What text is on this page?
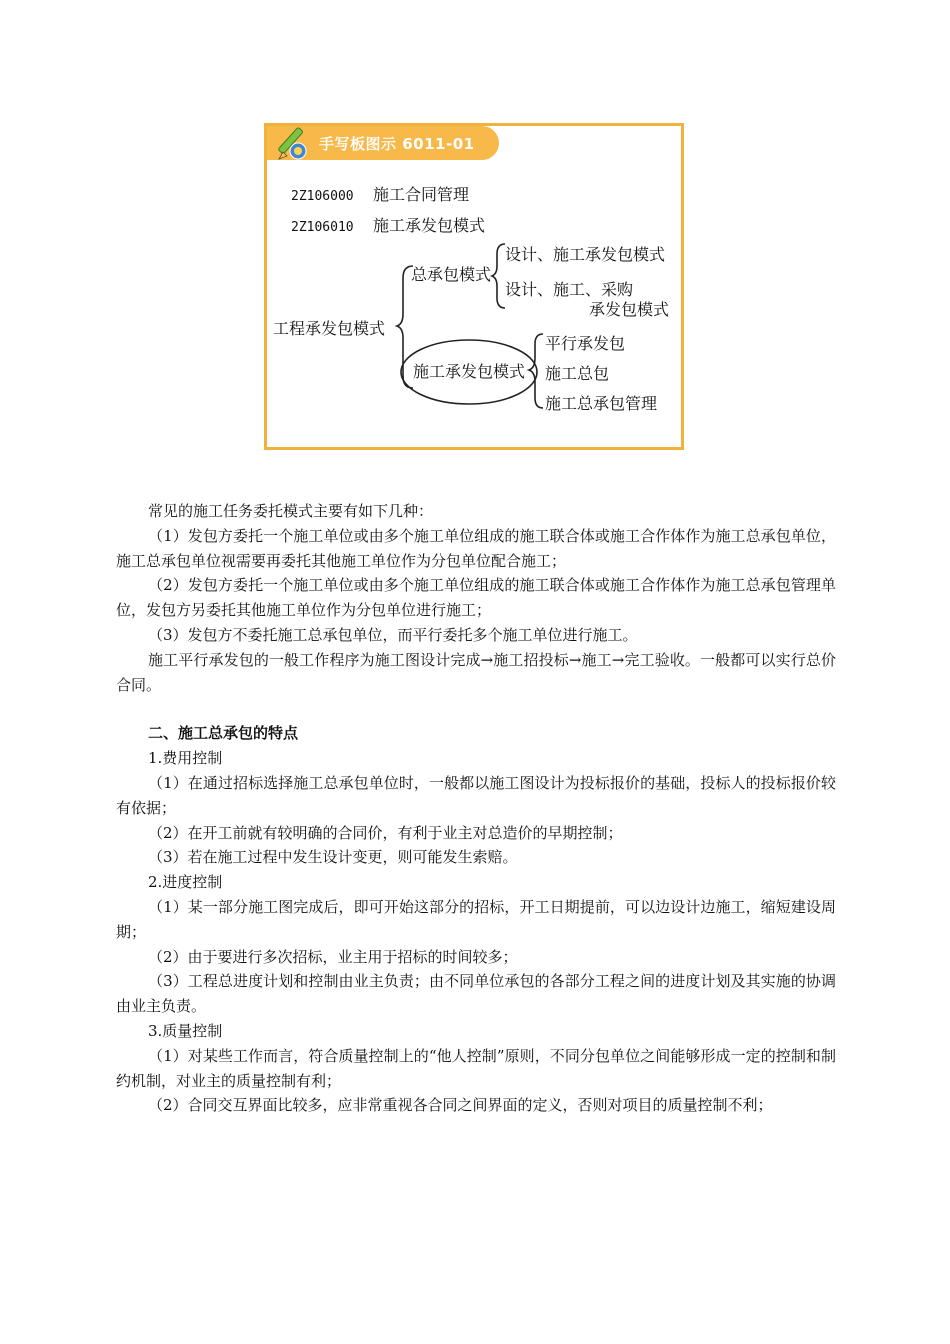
手写板图示 6011-01
2Z106000 施工合同管理
2Z106010 施工承发包模式
工程承发包模式
总承包模式
设计、施工承发包模式
设计、施工、采购
承发包模式
施工承发包模式
平行承发包
施工总包
施工总承包管理

常见的施工任务委托模式主要有如下几种：

（1）发包方委托一个施工单位或由多个施工单位组成的施工联合体或施工合作体作为施工总承包单位，施工总承包单位视需要再委托其他施工单位作为分包单位配合施工；

（2）发包方委托一个施工单位或由多个施工单位组成的施工联合体或施工合作体作为施工总承包管理单位，发包方另委托其他施工单位作为分包单位进行施工；

（3）发包方不委托施工总承包单位，而平行委托多个施工单位进行施工。

施工平行承发包的一般工作程序为施工图设计完成→施工招投标→施工→完工验收。一般都可以实行总价合同。

二、施工总承包的特点

1.费用控制

（1）在通过招标选择施工总承包单位时，一般都以施工图设计为投标报价的基础，投标人的投标报价较有依据；

（2）在开工前就有较明确的合同价，有利于业主对总造价的早期控制；

（3）若在施工过程中发生设计变更，则可能发生索赔。

2.进度控制

（1）某一部分施工图完成后，即可开始这部分的招标，开工日期提前，可以边设计边施工，缩短建设周期；

（2）由于要进行多次招标，业主用于招标的时间较多；

（3）工程总进度计划和控制由业主负责；由不同单位承包的各部分工程之间的进度计划及其实施的协调由业主负责。

3.质量控制

（1）对某些工作而言，符合质量控制上的“他人控制”原则，不同分包单位之间能够形成一定的控制和制约机制，对业主的质量控制有利；

（2）合同交互界面比较多，应非常重视各合同之间界面的定义，否则对项目的质量控制不利；
